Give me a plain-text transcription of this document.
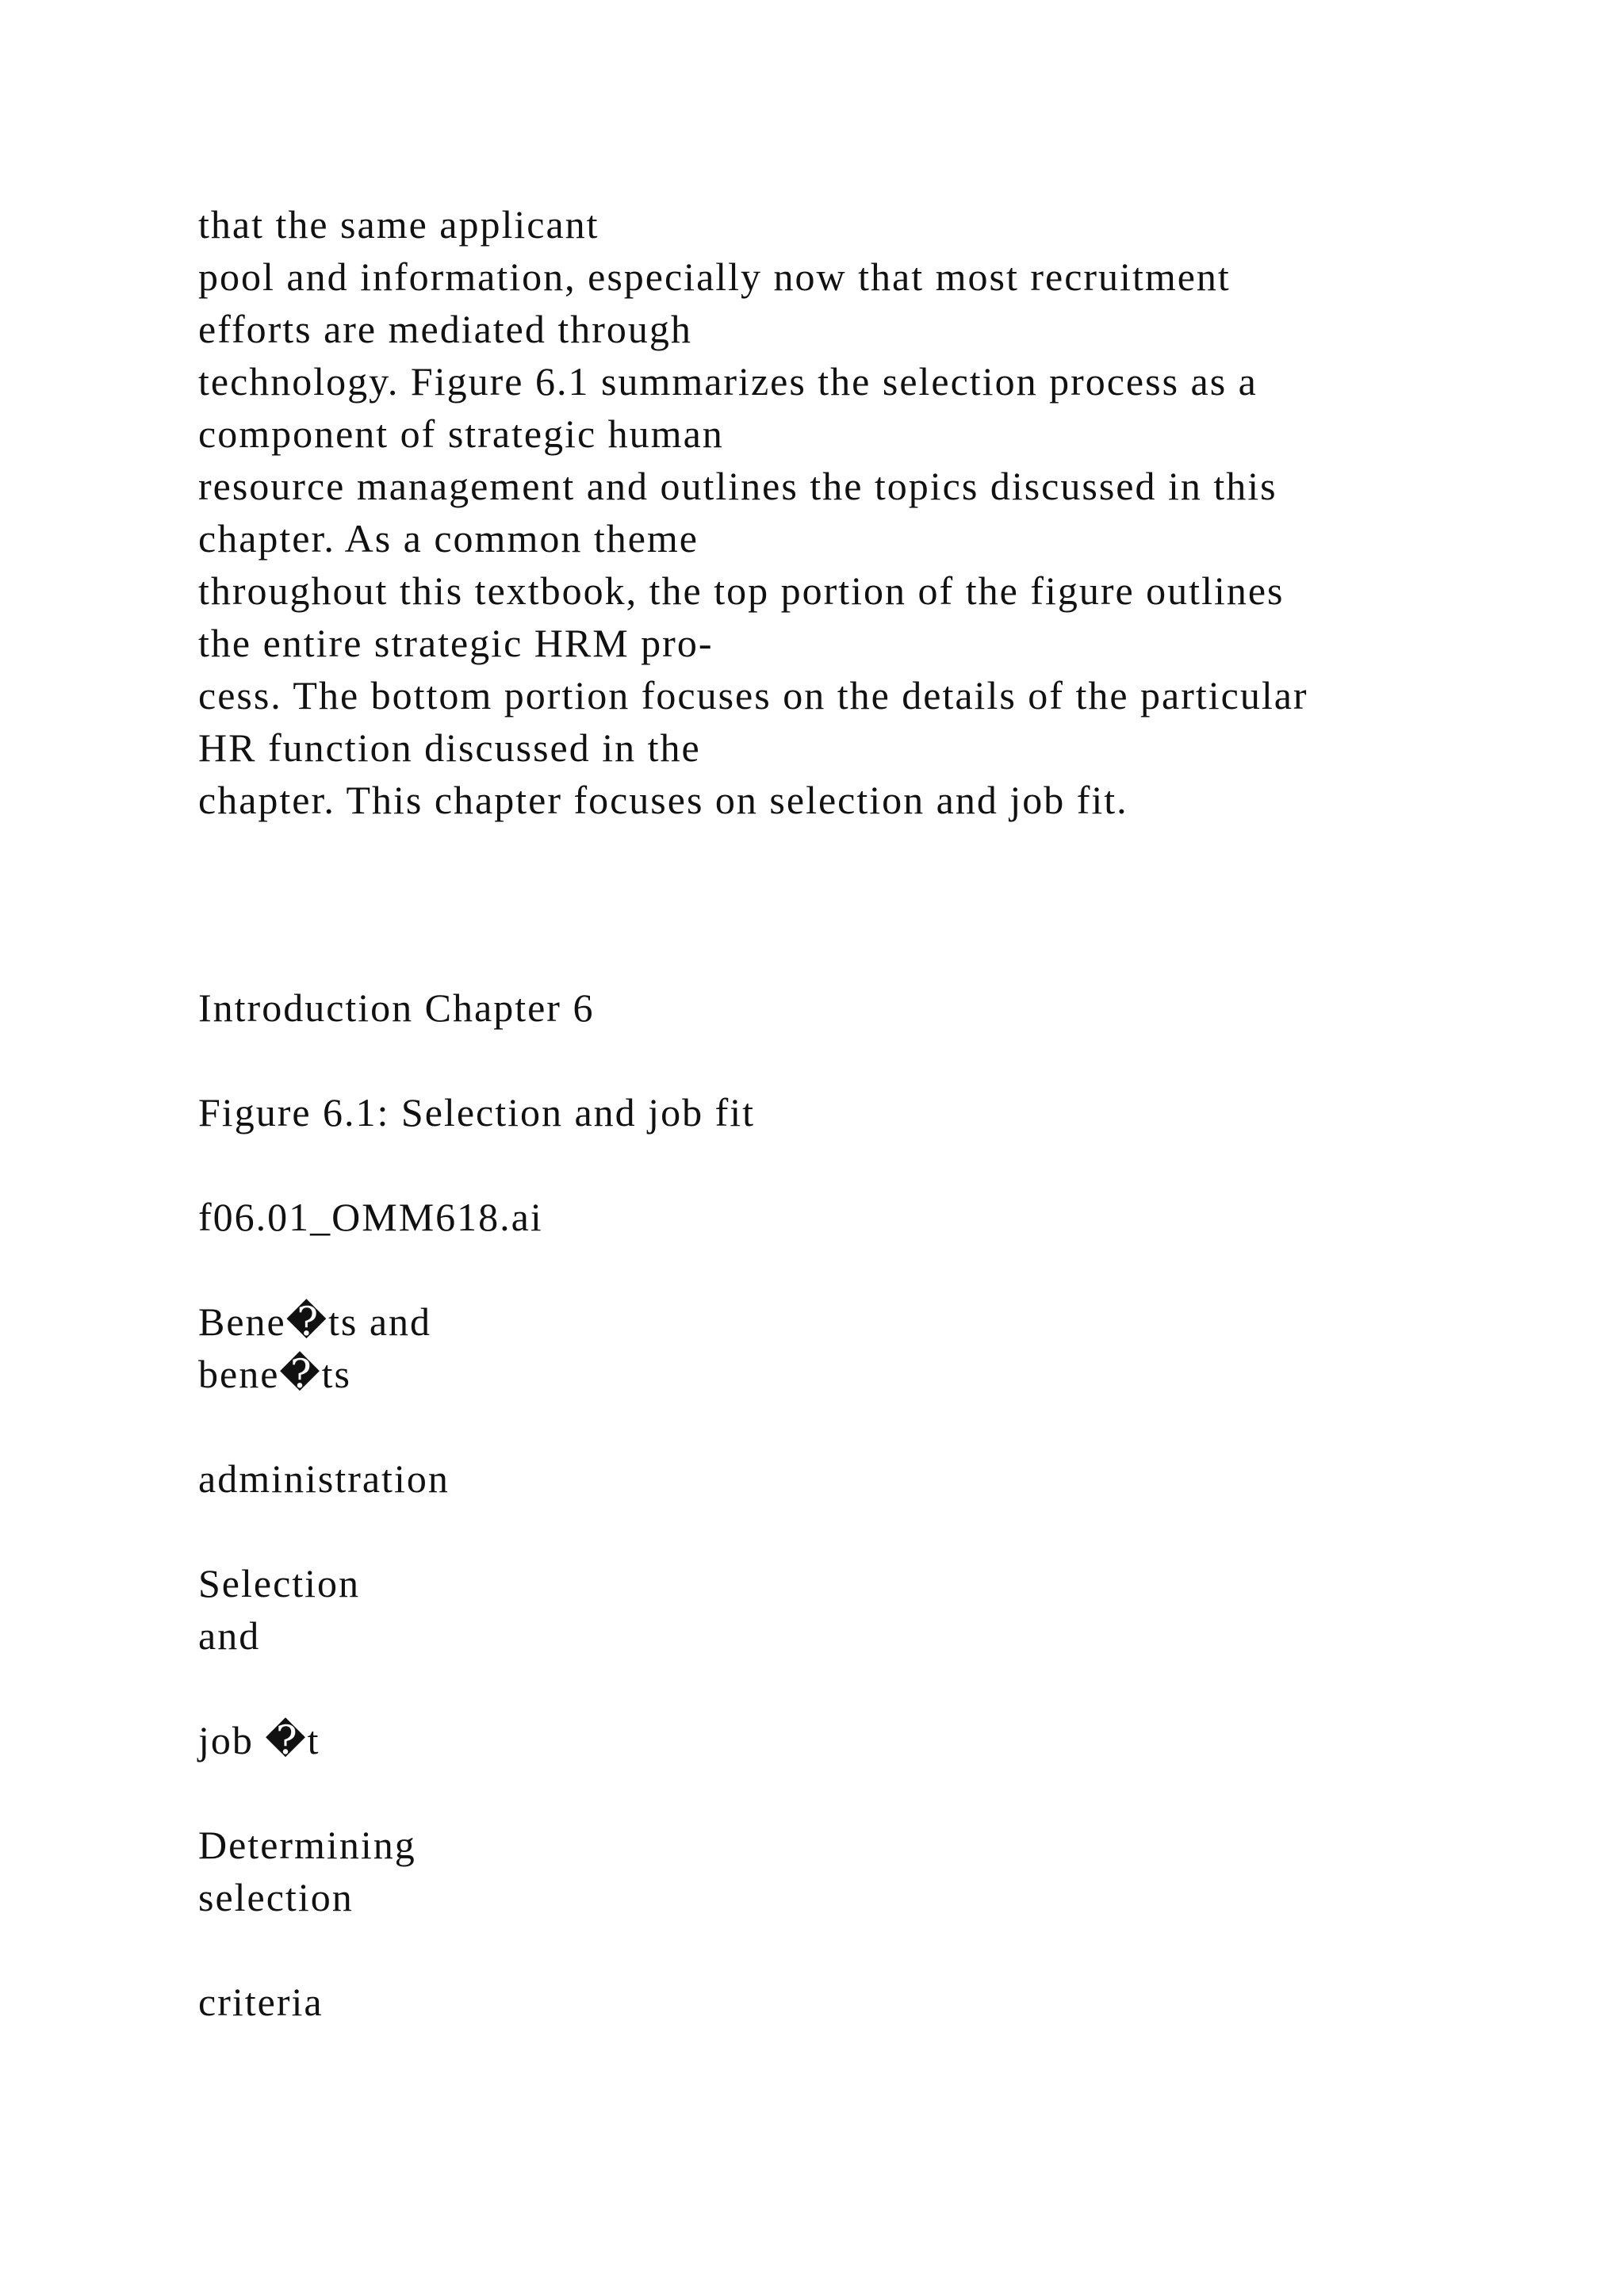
that the same applicant
pool and information, especially now that most recruitment
efforts are mediated through
technology. Figure 6.1 summarizes the selection process as a
component of strategic human
resource management and outlines the topics discussed in this
chapter. As a common theme
throughout this textbook, the top portion of the figure outlines
the entire strategic HRM pro-
cess. The bottom portion focuses on the details of the particular
HR function discussed in the
chapter. This chapter focuses on selection and job fit.
Introduction Chapter 6
Figure 6.1: Selection and job fit
f06.01_OMM618.ai
Bene�ts and
bene�ts
administration
Selection
and
job �t
Determining
selection
criteria
